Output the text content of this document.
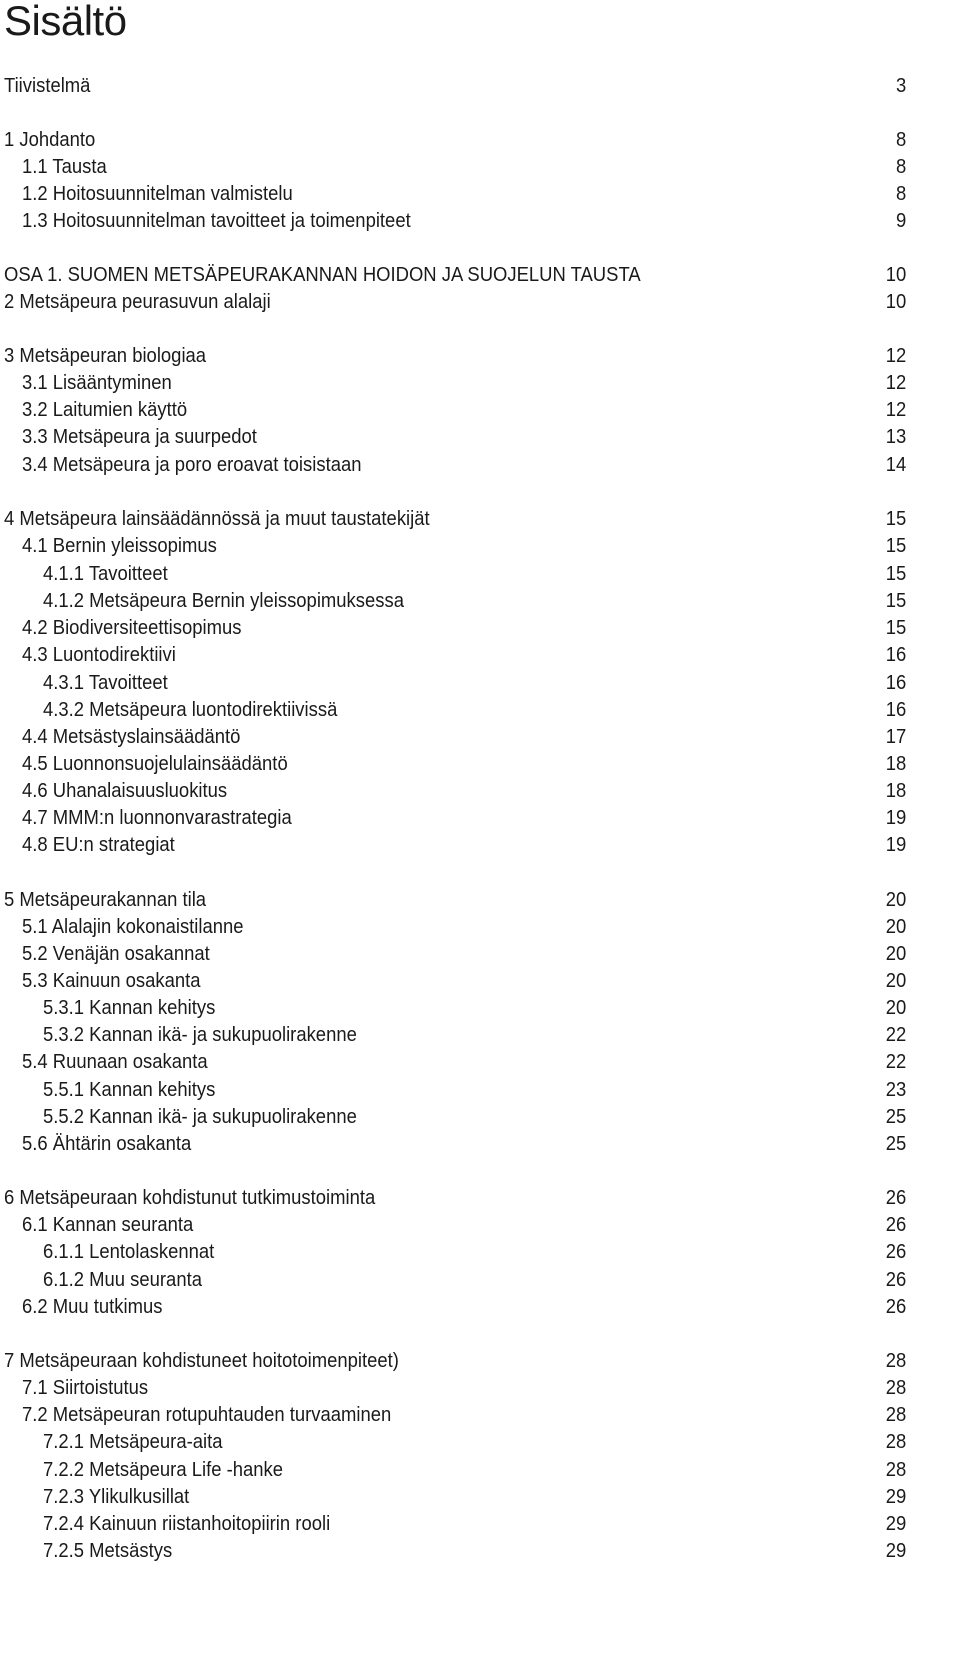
Sisältö
Tiivistelmä	3
1 Johdanto	8
1.1 Tausta	8
1.2 Hoitosuunnitelman valmistelu	8
1.3 Hoitosuunnitelman tavoitteet ja toimenpiteet	9
OSA 1. SUOMEN METSÄPEURAKANNAN HOIDON JA SUOJELUN TAUSTA	10
2 Metsäpeura peurasuvun alalaji	10
3 Metsäpeuran biologiaa	12
3.1 Lisääntyminen	12
3.2 Laitumien käyttö	12
3.3 Metsäpeura ja suurpedot	13
3.4 Metsäpeura ja poro eroavat toisistaan	14
4 Metsäpeura lainsäädännössä ja muut taustatekijät	15
4.1 Bernin yleissopimus	15
4.1.1 Tavoitteet	15
4.1.2 Metsäpeura Bernin yleissopimuksessa	15
4.2 Biodiversiteettisopimus	15
4.3 Luontodirektiivi	16
4.3.1 Tavoitteet	16
4.3.2 Metsäpeura luontodirektiivissä	16
4.4 Metsästyslainsäädäntö	17
4.5 Luonnonsuojelulainsäädäntö	18
4.6 Uhanalaisuusluokitus	18
4.7 MMM:n luonnonvarastrategia	19
4.8 EU:n strategiat	19
5 Metsäpeurakannan tila	20
5.1 Alalajin kokonaistilanne	20
5.2 Venäjän osakannat	20
5.3 Kainuun osakanta	20
5.3.1 Kannan kehitys	20
5.3.2 Kannan ikä- ja sukupuolirakenne	22
5.4 Ruunaan osakanta	22
5.5.1 Kannan kehitys	23
5.5.2 Kannan ikä- ja sukupuolirakenne	25
5.6 Ähtärin osakanta	25
6 Metsäpeuraan kohdistunut tutkimustoiminta	26
6.1 Kannan seuranta	26
6.1.1 Lentolaskennat	26
6.1.2 Muu seuranta	26
6.2 Muu tutkimus	26
7 Metsäpeuraan kohdistuneet hoitotoimenpiteet)	28
7.1 Siirtoistutus	28
7.2 Metsäpeuran rotupuhtauden turvaaminen	28
7.2.1 Metsäpeura-aita	28
7.2.2 Metsäpeura Life -hanke	28
7.2.3 Ylikulkusillat	29
7.2.4 Kainuun riistanhoitopiirin rooli	29
7.2.5 Metsästys	29
